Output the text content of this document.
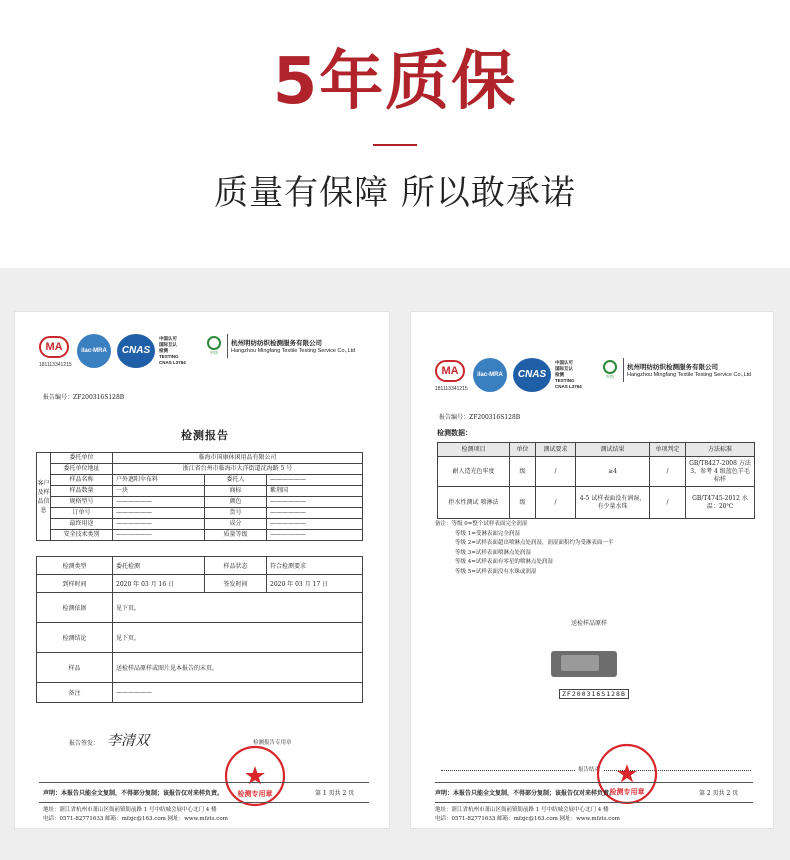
5年质保
质量有保障 所以敢承诺
MA
181113341215
ilac-MRA	CNAS
中国认可
国际互认
检测
TESTING
CNAS L3764
中纺
杭州明纺纺织检测服务有限公司
Hangzhou Mingfang Textile Testing Service Co.,Ltd
报告编号：ZF200316S128B
检测报告
客户及样品信息	委托单位	临海市国康休闲用品有限公司		
	委托单位地址	浙江省台州市临海市大洋街道沈海路 5 号		
	样品名称	户外遮阳伞布料	委托人	——————
	样品数量	一块	商标	紫荆国
	规格型号	——————	颜色	——————
	订单号	——————	货号	——————
	最终用途	——————	成分	——————
	安全技术类别	——————	质量等级	——————
检测类型	委托检测	样品状态	符合检测要求
到样时间	2020 年 03 月 16 日	签发时间	2020 年 03 月 17 日
检测依据	见下页。		
检测结论	见下页。		
样品	送检样品原样或图片见本报告的末页。		
备注	——————		
报告签发： 李清双	检测报告专用章
检测专用章
声明：本报告只能全文复制，不得部分复制；该报告仅对来样负责。	第 1 页共 2 页
地址：浙江省杭州市萧山区衙前镇衙前路 1 号中纺城会展中心北门 4 楼
电话：0571-82771633 邮箱：mfzjc@163.com 网址：www.mfzts.com
MA
181113341215
ilac-MRA	CNAS
中国认可
国际互认
检测
TESTING
CNAS L3764
中纺
杭州明纺纺织检测服务有限公司
Hangzhou Mingfang Textile Testing Service Co.,Ltd
报告编号：ZF200316S128B
检测数据：
检测项目	单位	测试要求	测试结果	单项判定	方法标准
耐人造光色牢度	级	/	≥4	/	GB/T8427-2008 方法 3，参考 4 级蓝色羊毛标样
拒水性测试 喷淋法	级	/	4-5 试样表面没有润湿，有少量水珠	/	GB/T4745-2012 水温：20℃
备注：等级 0=整个试样表面完全润湿
等级 1=受淋表面完全润湿
等级 2=试样表面超出喷淋点处润湿，润湿面积约为受淋表面一半
等级 3=试样表面喷淋点处润湿
等级 4=试样表面有零星的喷淋点处润湿
等级 5=试样表面没有水珠或润湿
送检样品原样
ZF200316S128B
报告结束
检测专用章
声明：本报告只能全文复制，不得部分复制；该报告仅对来样负责。	第 2 页共 2 页
地址：浙江省杭州市萧山区衙前镇衙前路 1 号中纺城会展中心北门 4 楼
电话：0571-82771633 邮箱：mfzjc@163.com 网址：www.mfzts.com
